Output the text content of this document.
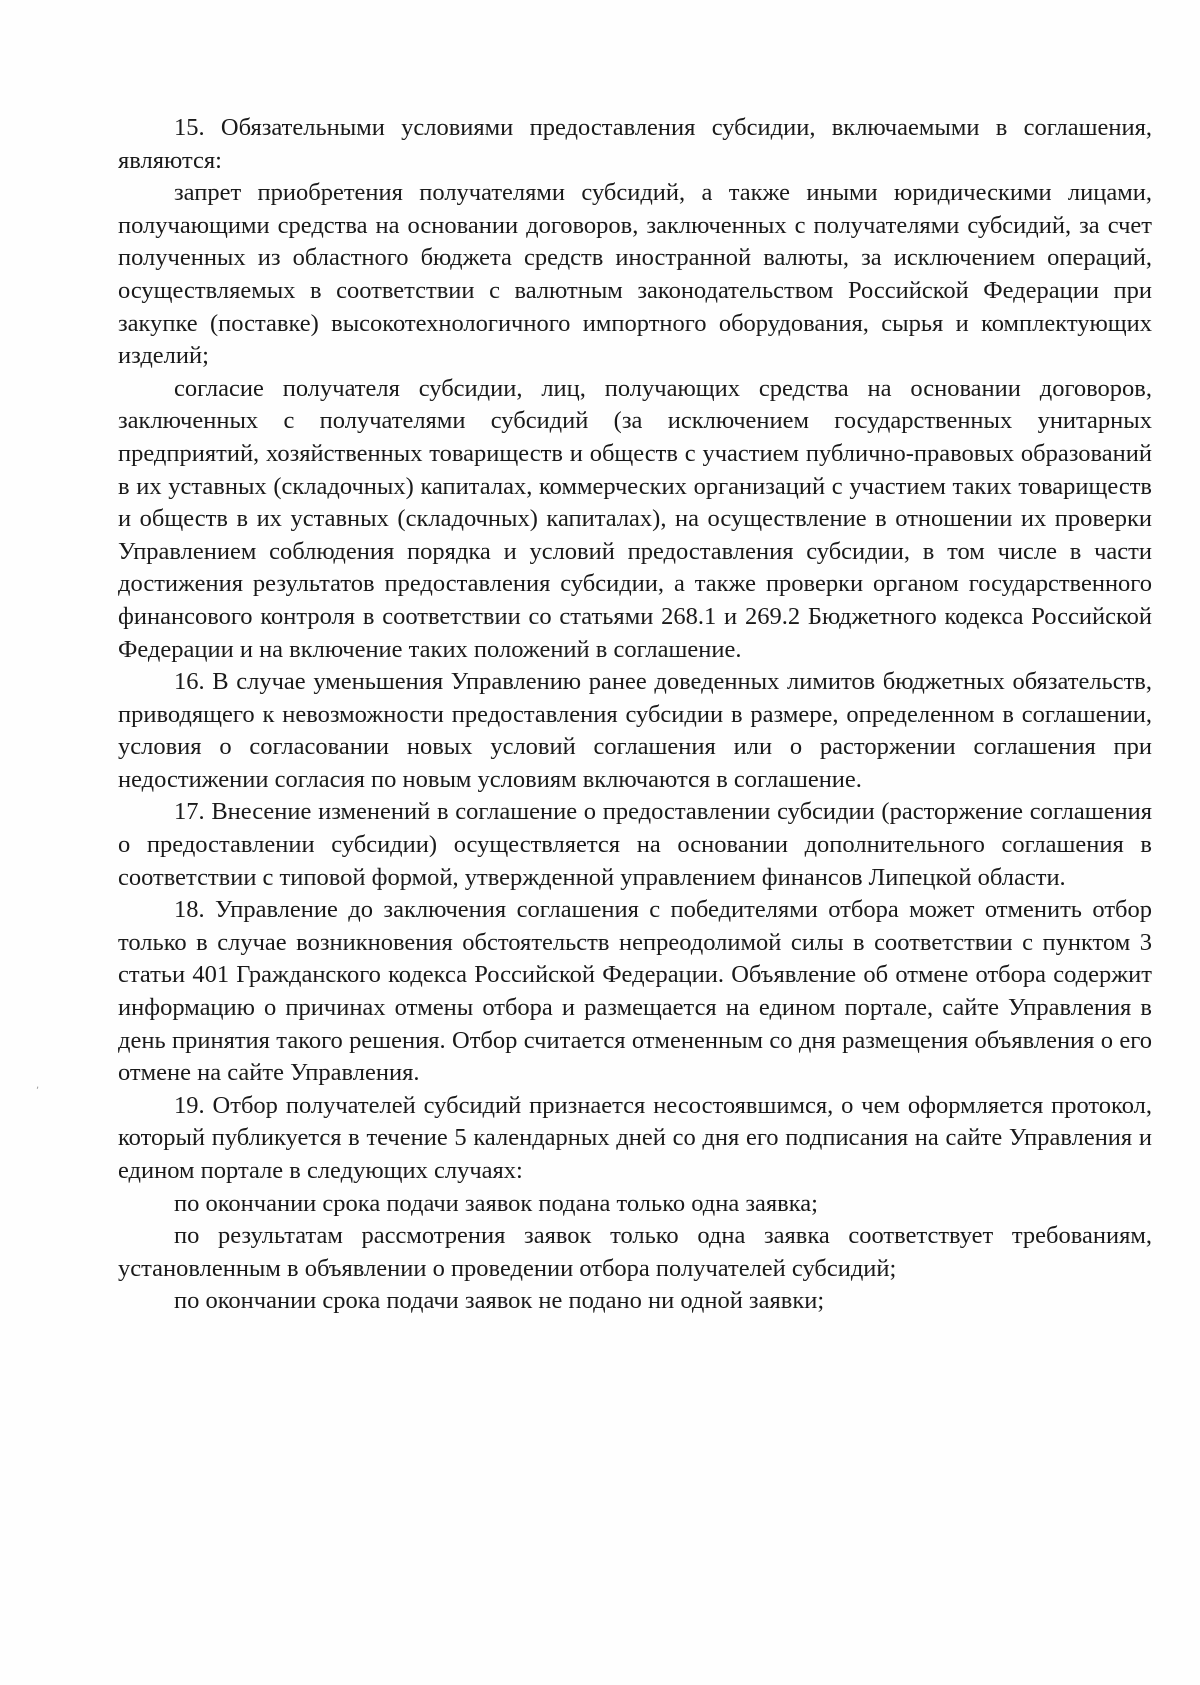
15. Обязательными условиями предоставления субсидии, включаемыми в соглашения, являются:

запрет приобретения получателями субсидий, а также иными юридическими лицами, получающими средства на основании договоров, заключенных с получателями субсидий, за счет полученных из областного бюджета средств иностранной валюты, за исключением операций, осуществляемых в соответствии с валютным законодательством Российской Федерации при закупке (поставке) высокотехнологичного импортного оборудования, сырья и комплектующих изделий;

согласие получателя субсидии, лиц, получающих средства на основании договоров, заключенных с получателями субсидий (за исключением государственных унитарных предприятий, хозяйственных товариществ и обществ с участием публично-правовых образований в их уставных (складочных) капиталах, коммерческих организаций с участием таких товариществ и обществ в их уставных (складочных) капиталах), на осуществление в отношении их проверки Управлением соблюдения порядка и условий предоставления субсидии, в том числе в части достижения результатов предоставления субсидии, а также проверки органом государственного финансового контроля в соответствии со статьями 268.1 и 269.2 Бюджетного кодекса Российской Федерации и на включение таких положений в соглашение.

16. В случае уменьшения Управлению ранее доведенных лимитов бюджетных обязательств, приводящего к невозможности предоставления субсидии в размере, определенном в соглашении, условия о согласовании новых условий соглашения или о расторжении соглашения при недостижении согласия по новым условиям включаются в соглашение.

17. Внесение изменений в соглашение о предоставлении субсидии (расторжение соглашения о предоставлении субсидии) осуществляется на основании дополнительного соглашения в соответствии с типовой формой, утвержденной управлением финансов Липецкой области.

18. Управление до заключения соглашения с победителями отбора может отменить отбор только в случае возникновения обстоятельств непреодолимой силы в соответствии с пунктом 3 статьи 401 Гражданского кодекса Российской Федерации. Объявление об отмене отбора содержит информацию о причинах отмены отбора и размещается на едином портале, сайте Управления в день принятия такого решения. Отбор считается отмененным со дня размещения объявления о его отмене на сайте Управления.

19. Отбор получателей субсидий признается несостоявшимся, о чем оформляется протокол, который публикуется в течение 5 календарных дней со дня его подписания на сайте Управления и едином портале в следующих случаях:

по окончании срока подачи заявок подана только одна заявка;

по результатам рассмотрения заявок только одна заявка соответствует требованиям, установленным в объявлении о проведении отбора получателей субсидий;

по окончании срока подачи заявок не подано ни одной заявки;

,
